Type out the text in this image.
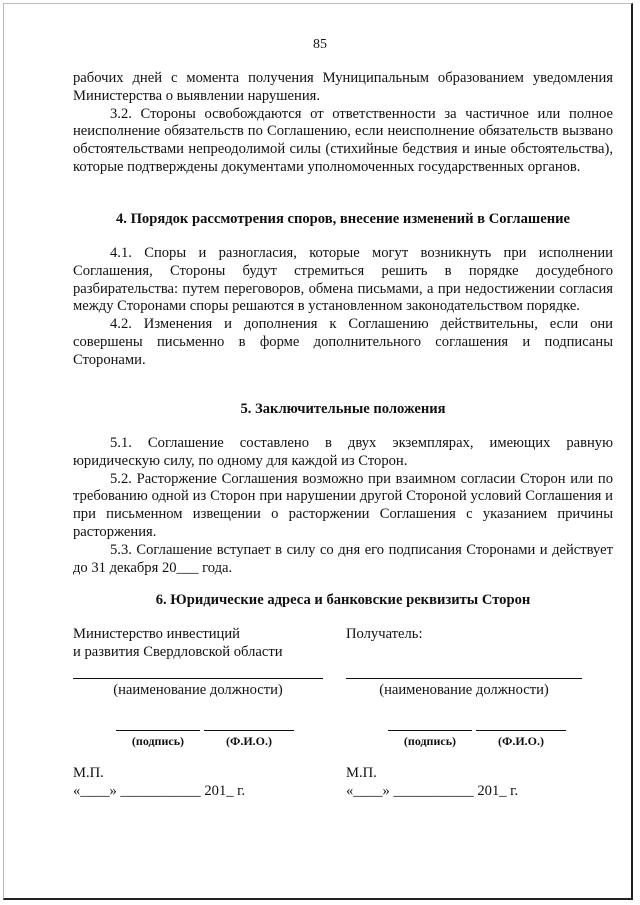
85

рабочих дней с момента получения Муниципальным образованием уведомления Министерства о выявлении нарушения.

3.2. Стороны освобождаются от ответственности за частичное или полное неисполнение обязательств по Соглашению, если неисполнение обязательств вызвано обстоятельствами непреодолимой силы (стихийные бедствия и иные обстоятельства), которые подтверждены документами уполномоченных государственных органов.

4. Порядок рассмотрения споров, внесение изменений в Соглашение

4.1. Споры и разногласия, которые могут возникнуть при исполнении Соглашения, Стороны будут стремиться решить в порядке досудебного разбирательства: путем переговоров, обмена письмами, а при недостижении согласия между Сторонами споры решаются в установленном законодательством порядке.

4.2. Изменения и дополнения к Соглашению действительны, если они совершены письменно в форме дополнительного соглашения и подписаны Сторонами.

5. Заключительные положения

5.1. Соглашение составлено в двух экземплярах, имеющих равную юридическую силу, по одному для каждой из Сторон.

5.2. Расторжение Соглашения возможно при взаимном согласии Сторон или по требованию одной из Сторон при нарушении другой Стороной условий Соглашения и при письменном извещении о расторжении Соглашения с указанием причины расторжения.

5.3. Соглашение вступает в силу со дня его подписания Сторонами и действует до 31 декабря 20___ года.

6. Юридические адреса и банковские реквизиты Сторон

Министерство инвестиций
и развития Свердловской области
(наименование должности)
(подпись)	(Ф.И.О.)
М.П.
«____» ___________ 201_ г.
Получатель:
(наименование должности)
(подпись)	(Ф.И.О.)
М.П.
«____» ___________ 201_ г.
